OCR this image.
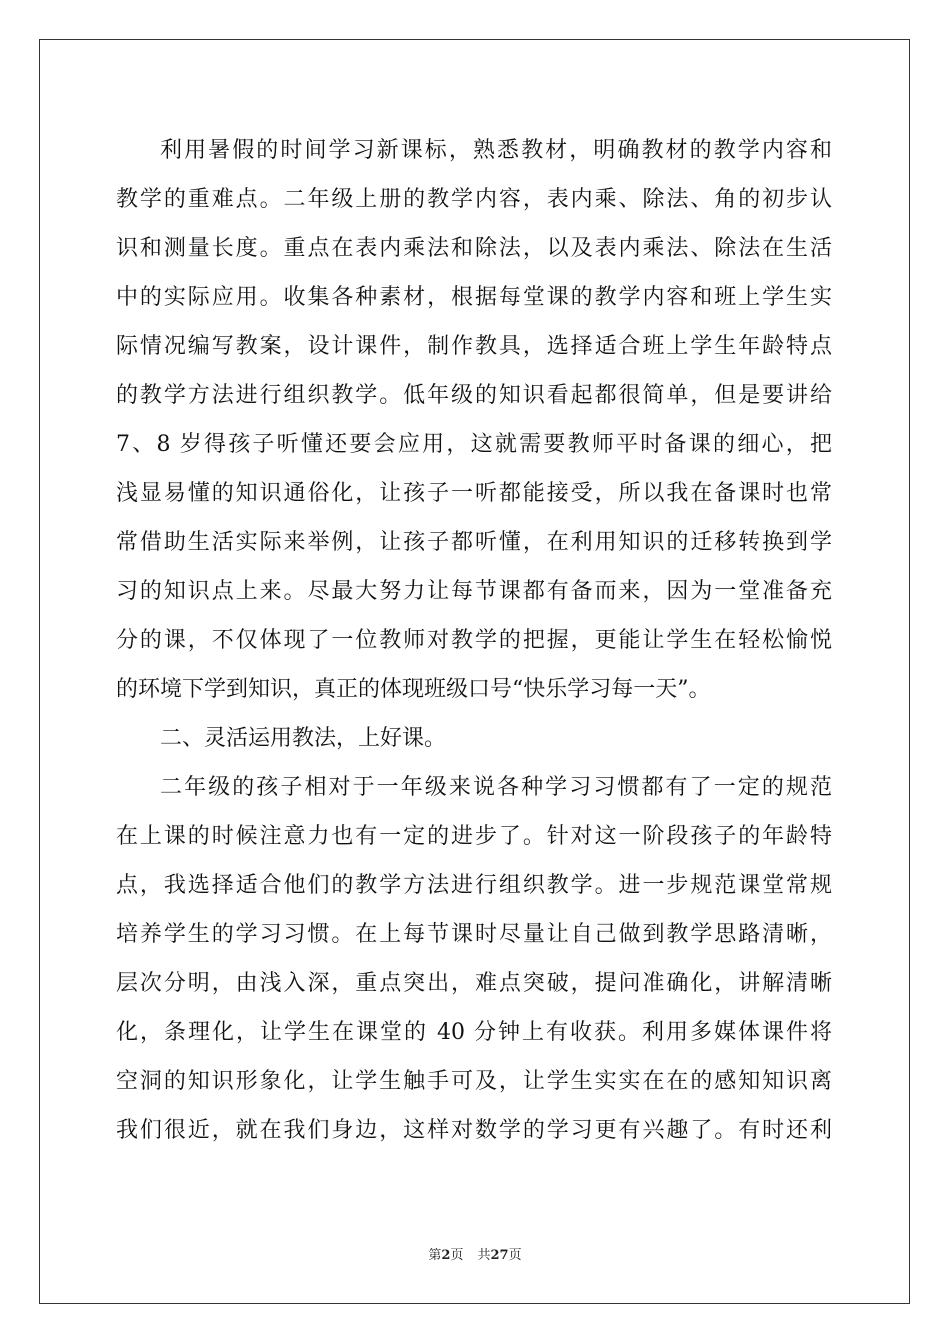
利用暑假的时间学习新课标，熟悉教材，明确教材的教学内容和
教学的重难点。二年级上册的教学内容，表内乘、除法、角的初步认
识和测量长度。重点在表内乘法和除法，以及表内乘法、除法在生活
中的实际应用。收集各种素材，根据每堂课的教学内容和班上学生实
际情况编写教案，设计课件，制作教具，选择适合班上学生年龄特点
的教学方法进行组织教学。低年级的知识看起都很简单，但是要讲给
7、8 岁得孩子听懂还要会应用，这就需要教师平时备课的细心，把
浅显易懂的知识通俗化，让孩子一听都能接受，所以我在备课时也常
常借助生活实际来举例，让孩子都听懂，在利用知识的迁移转换到学
习的知识点上来。尽最大努力让每节课都有备而来，因为一堂准备充
分的课，不仅体现了一位教师对教学的把握，更能让学生在轻松愉悦
的环境下学到知识，真正的体现班级口号“快乐学习每一天”。
二、灵活运用教法，上好课。
二年级的孩子相对于一年级来说各种学习习惯都有了一定的规范
在上课的时候注意力也有一定的进步了。针对这一阶段孩子的年龄特
点，我选择适合他们的教学方法进行组织教学。进一步规范课堂常规
培养学生的学习习惯。在上每节课时尽量让自己做到教学思路清晰，
层次分明，由浅入深，重点突出，难点突破，提问准确化，讲解清晰
化，条理化，让学生在课堂的 40 分钟上有收获。利用多媒体课件将
空洞的知识形象化，让学生触手可及，让学生实实在在的感知知识离
我们很近，就在我们身边，这样对数学的学习更有兴趣了。有时还利
第2页 共27页
